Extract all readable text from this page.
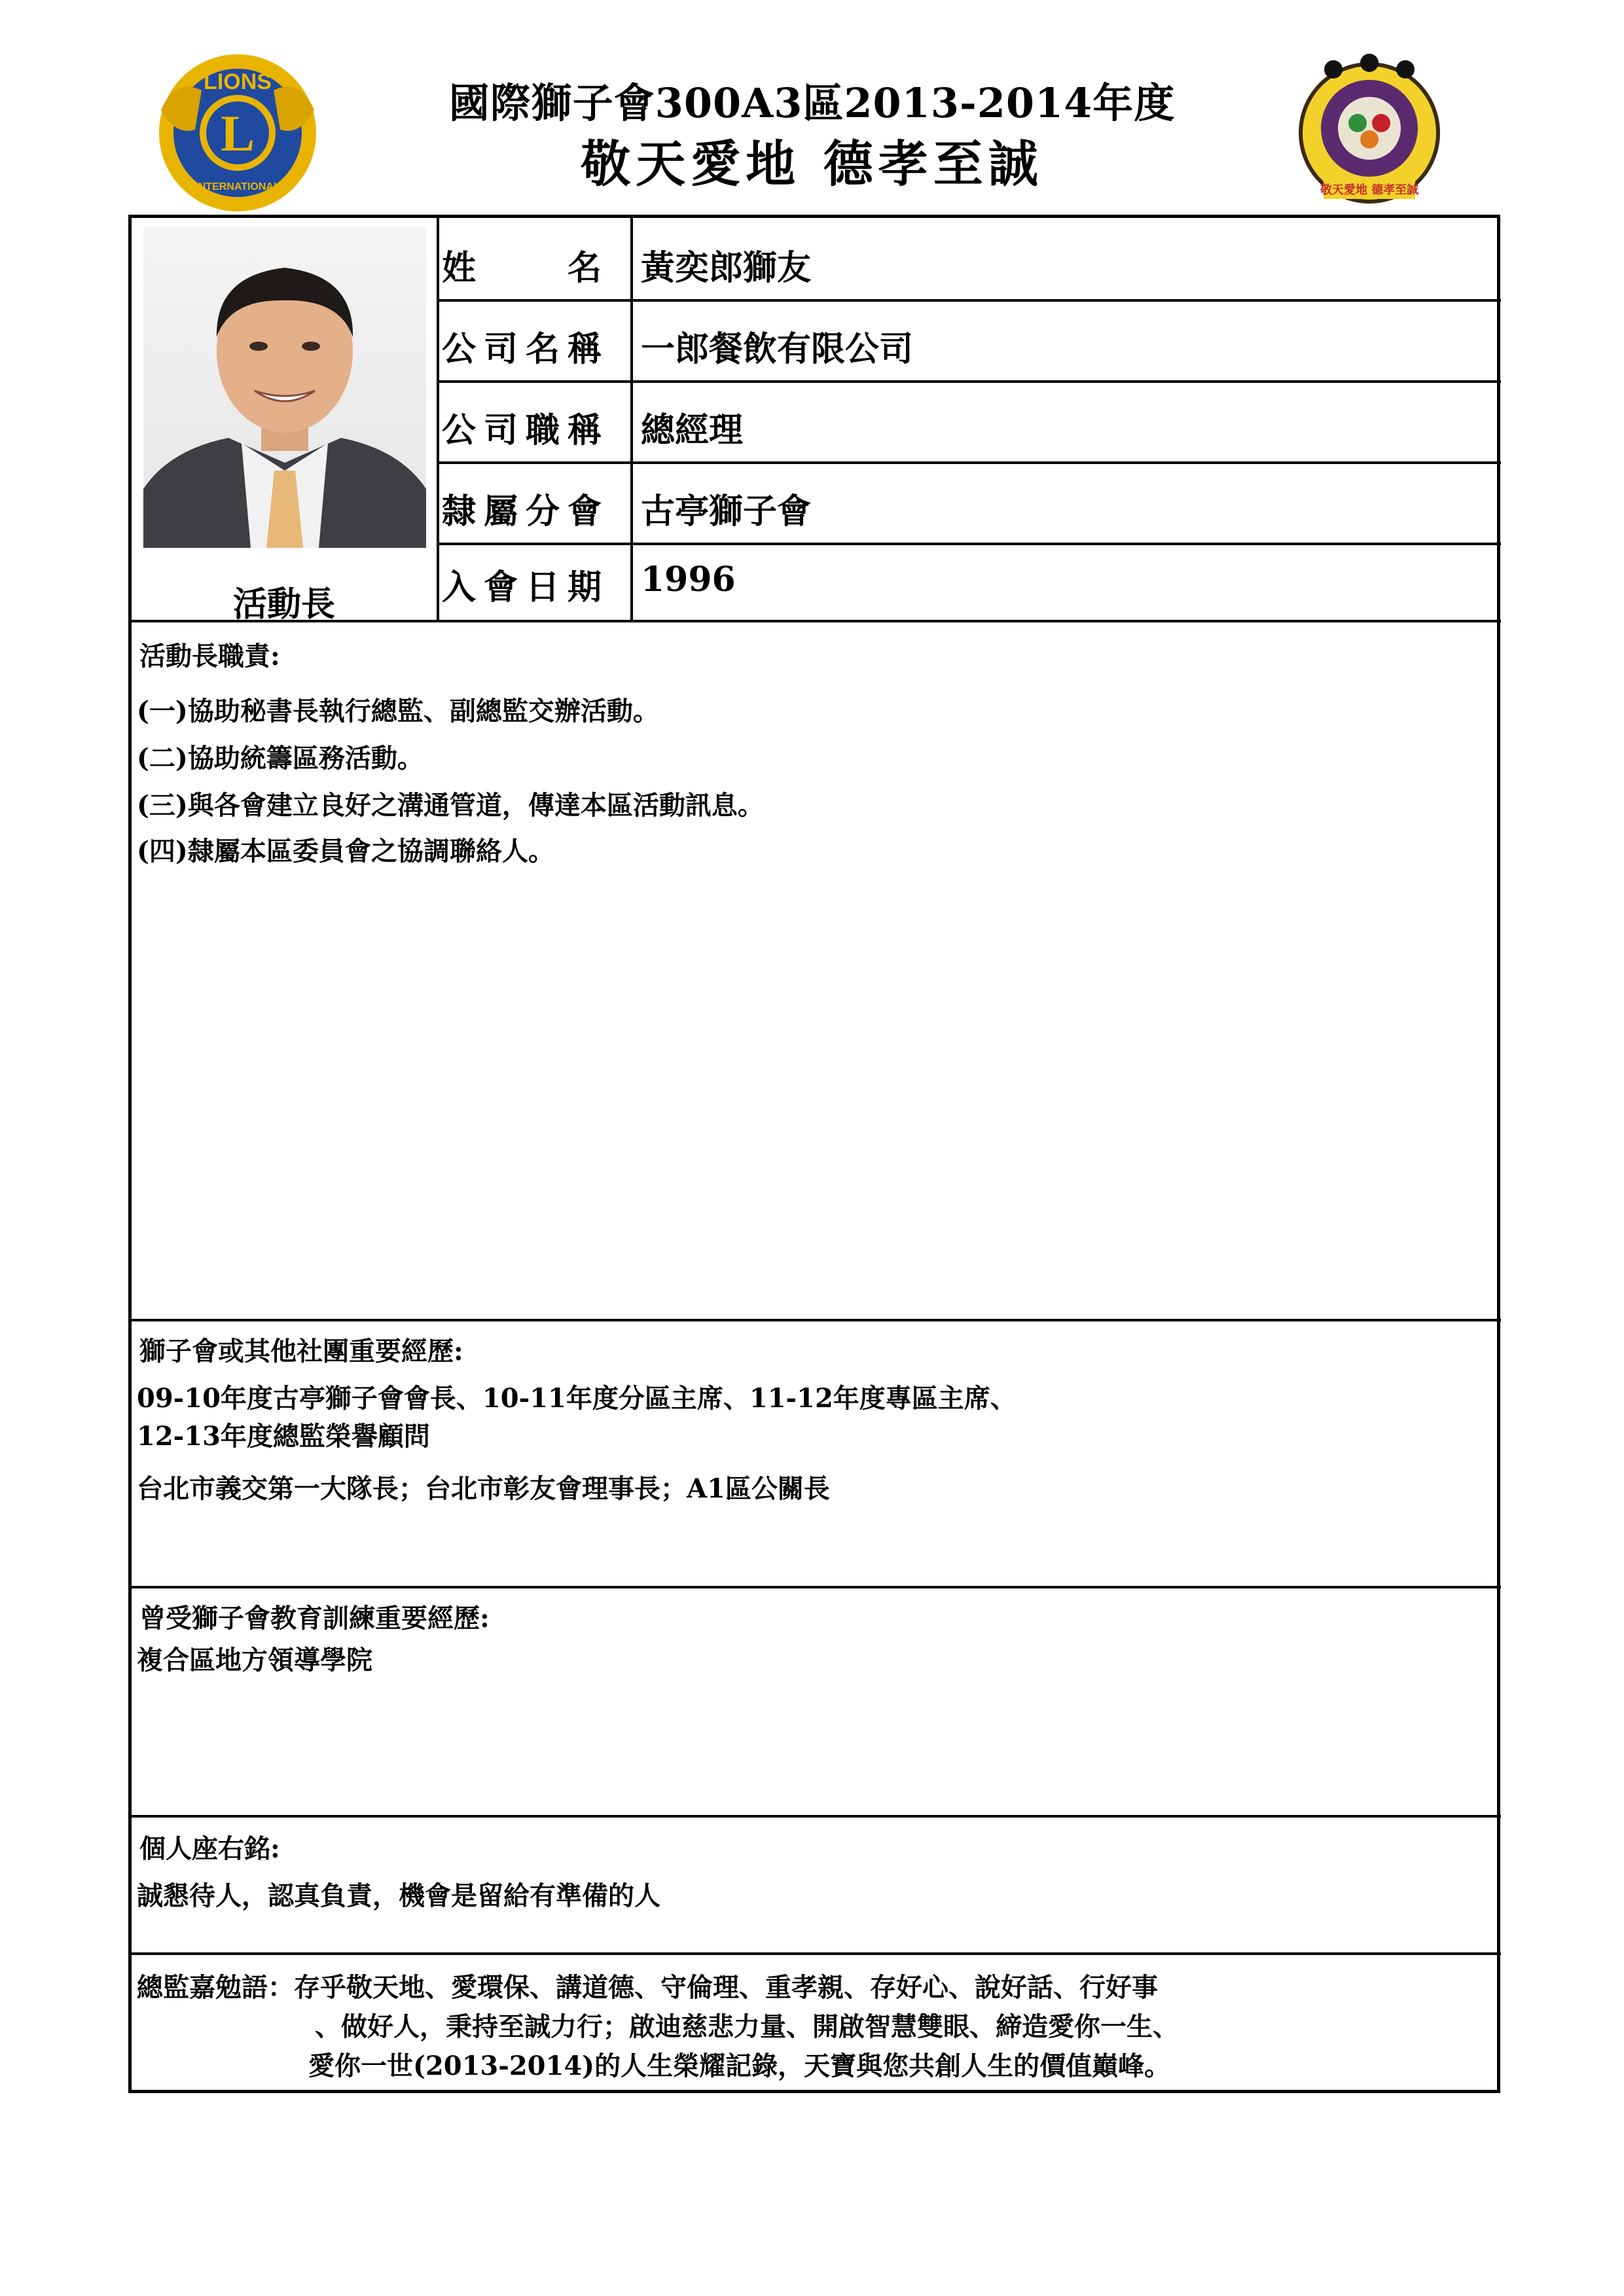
L
LIONS
INTERNATIONAL	敬天愛地 德孝至誠
國際獅子會300A3區2013-2014年度
敬天愛地 德孝至誠
活動長
姓　　名 黃奕郎獅友
公司名稱 一郎餐飲有限公司
公司職稱 總經理
隸屬分會 古亭獅子會
入會日期 1996
活動長職責:
(一)協助秘書長執行總監、副總監交辦活動。
(二)協助統籌區務活動。
(三)與各會建立良好之溝通管道，傳達本區活動訊息。
(四)隸屬本區委員會之協調聯絡人。
獅子會或其他社團重要經歷:
09-10年度古亭獅子會會長、10-11年度分區主席、11-12年度專區主席、
12-13年度總監榮譽顧問
台北市義交第一大隊長；台北市彰友會理事長；A1區公關長
曾受獅子會教育訓練重要經歷:
複合區地方領導學院
個人座右銘:
誠懇待人，認真負責，機會是留給有準備的人
總監嘉勉語：存乎敬天地、愛環保、講道德、守倫理、重孝親、存好心、說好話、行好事
、做好人，秉持至誠力行；啟迪慈悲力量、開啟智慧雙眼、締造愛你一生、
愛你一世(2013-2014)的人生榮耀記錄，天寶與您共創人生的價值巔峰。
